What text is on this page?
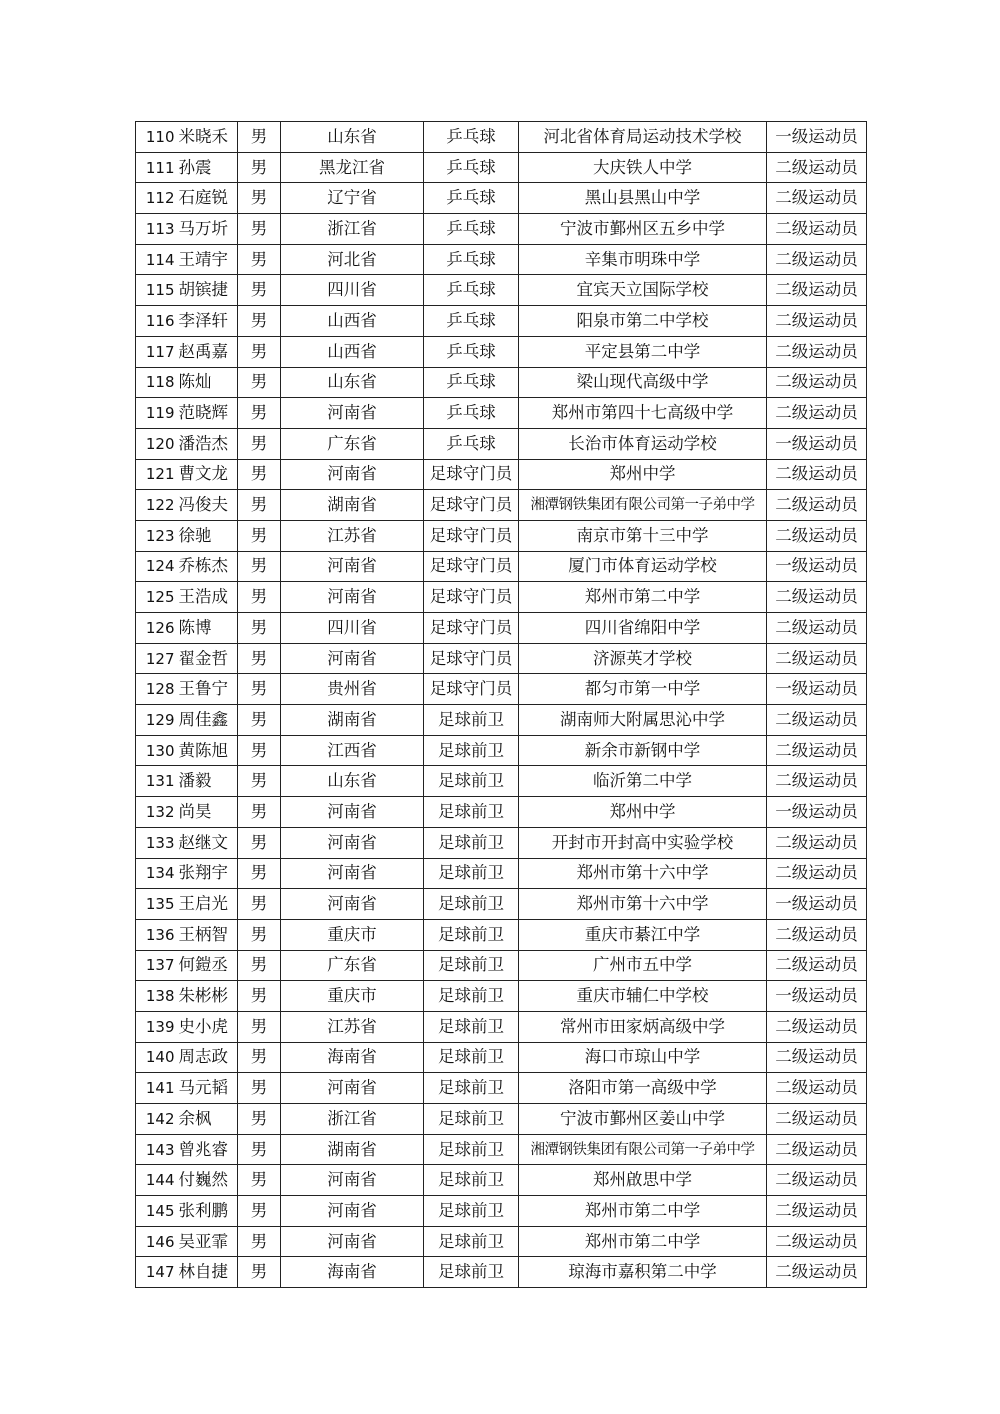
110	米晓禾	男	山东省	乒乓球	河北省体育局运动技术学校	一级运动员
111	孙震	男	黑龙江省	乒乓球	大庆铁人中学	二级运动员
112	石庭锐	男	辽宁省	乒乓球	黑山县黑山中学	二级运动员
113	马万圻	男	浙江省	乒乓球	宁波市鄞州区五乡中学	二级运动员
114	王靖宇	男	河北省	乒乓球	辛集市明珠中学	二级运动员
115	胡镔捷	男	四川省	乒乓球	宜宾天立国际学校	二级运动员
116	李泽轩	男	山西省	乒乓球	阳泉市第二中学校	二级运动员
117	赵禹嘉	男	山西省	乒乓球	平定县第二中学	二级运动员
118	陈灿	男	山东省	乒乓球	梁山现代高级中学	二级运动员
119	范晓辉	男	河南省	乒乓球	郑州市第四十七高级中学	二级运动员
120	潘浩杰	男	广东省	乒乓球	长治市体育运动学校	一级运动员
121	曹文龙	男	河南省	足球守门员	郑州中学	二级运动员
122	冯俊夫	男	湖南省	足球守门员	湘潭钢铁集团有限公司第一子弟中学	二级运动员
123	徐驰	男	江苏省	足球守门员	南京市第十三中学	二级运动员
124	乔栋杰	男	河南省	足球守门员	厦门市体育运动学校	一级运动员
125	王浩成	男	河南省	足球守门员	郑州市第二中学	二级运动员
126	陈博	男	四川省	足球守门员	四川省绵阳中学	二级运动员
127	翟金哲	男	河南省	足球守门员	济源英才学校	二级运动员
128	王鲁宁	男	贵州省	足球守门员	都匀市第一中学	一级运动员
129	周佳鑫	男	湖南省	足球前卫	湖南师大附属思沁中学	二级运动员
130	黄陈旭	男	江西省	足球前卫	新余市新钢中学	二级运动员
131	潘毅	男	山东省	足球前卫	临沂第二中学	二级运动员
132	尚昊	男	河南省	足球前卫	郑州中学	一级运动员
133	赵继文	男	河南省	足球前卫	开封市开封高中实验学校	二级运动员
134	张翔宇	男	河南省	足球前卫	郑州市第十六中学	二级运动员
135	王启光	男	河南省	足球前卫	郑州市第十六中学	一级运动员
136	王柄智	男	重庆市	足球前卫	重庆市綦江中学	二级运动员
137	何鎧丞	男	广东省	足球前卫	广州市五中学	二级运动员
138	朱彬彬	男	重庆市	足球前卫	重庆市辅仁中学校	一级运动员
139	史小虎	男	江苏省	足球前卫	常州市田家炳高级中学	二级运动员
140	周志政	男	海南省	足球前卫	海口市琼山中学	二级运动员
141	马元韬	男	河南省	足球前卫	洛阳市第一高级中学	二级运动员
142	余枫	男	浙江省	足球前卫	宁波市鄞州区姜山中学	二级运动员
143	曾兆睿	男	湖南省	足球前卫	湘潭钢铁集团有限公司第一子弟中学	二级运动员
144	付巍然	男	河南省	足球前卫	郑州啟思中学	二级运动员
145	张利鹏	男	河南省	足球前卫	郑州市第二中学	二级运动员
146	吴亚霏	男	河南省	足球前卫	郑州市第二中学	二级运动员
147	林自捷	男	海南省	足球前卫	琼海市嘉积第二中学	二级运动员
